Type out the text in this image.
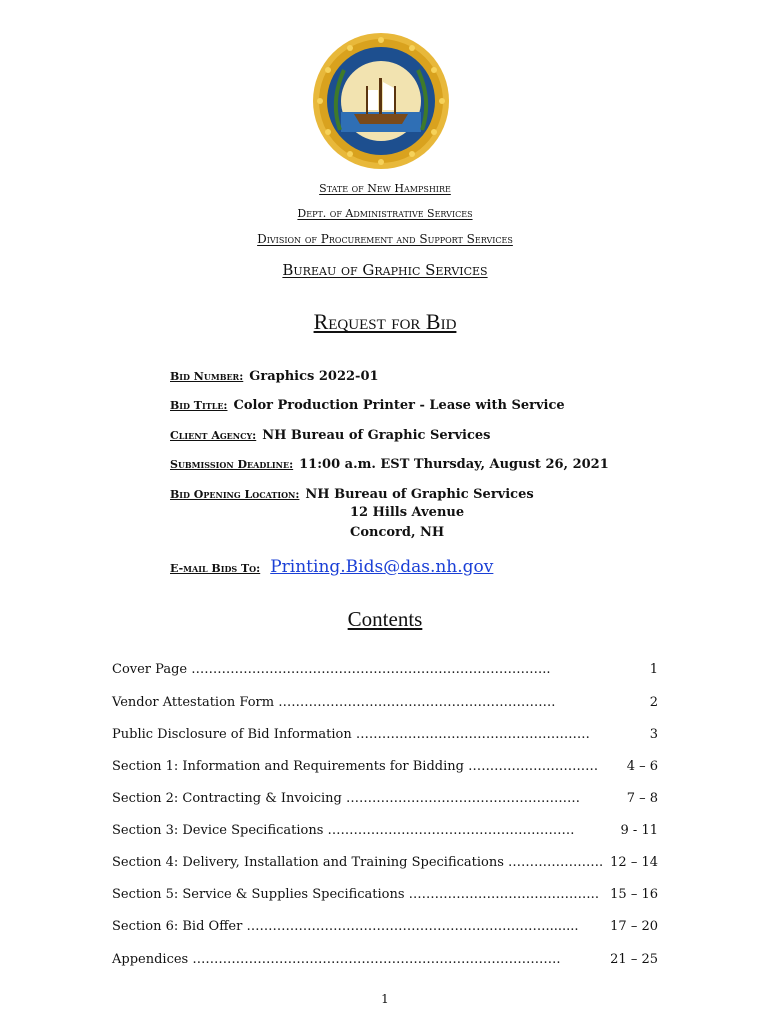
State of New Hampshire
Dept. of Administrative Services
Division of Procurement and Support Services
Bureau of Graphic Services
Request for Bid
Bid Number: Graphics 2022-01
Bid Title: Color Production Printer - Lease with Service
Client Agency: NH Bureau of Graphic Services
Submission Deadline: 11:00 a.m. EST Thursday, August 26, 2021
Bid Opening Location: NH Bureau of Graphic Services
12 Hills Avenue
Concord, NH
E-mail Bids To: Printing.Bids@das.nh.gov
Contents
Cover Page ………………………………………………………………………..	1
Vendor Attestation Form ……………………………………………………….	2
Public Disclosure of Bid Information ………………………………………………	3
Section 1: Information and Requirements for Bidding ………………………… 4 – 6
Section 2: Contracting & Invoicing ………………………………………………	7 – 8
Section 3: Device Specifications …………………………………………………	9 - 11
Section 4: Delivery, Installation and Training Specifications …………………. 12 – 14
Section 5: Service & Supplies Specifications …………………………………….. 15 – 16
Section 6: Bid Offer ……………………………………………………………........ 17 – 20
Appendices ………………………………………………………………………….	21 – 25
1
